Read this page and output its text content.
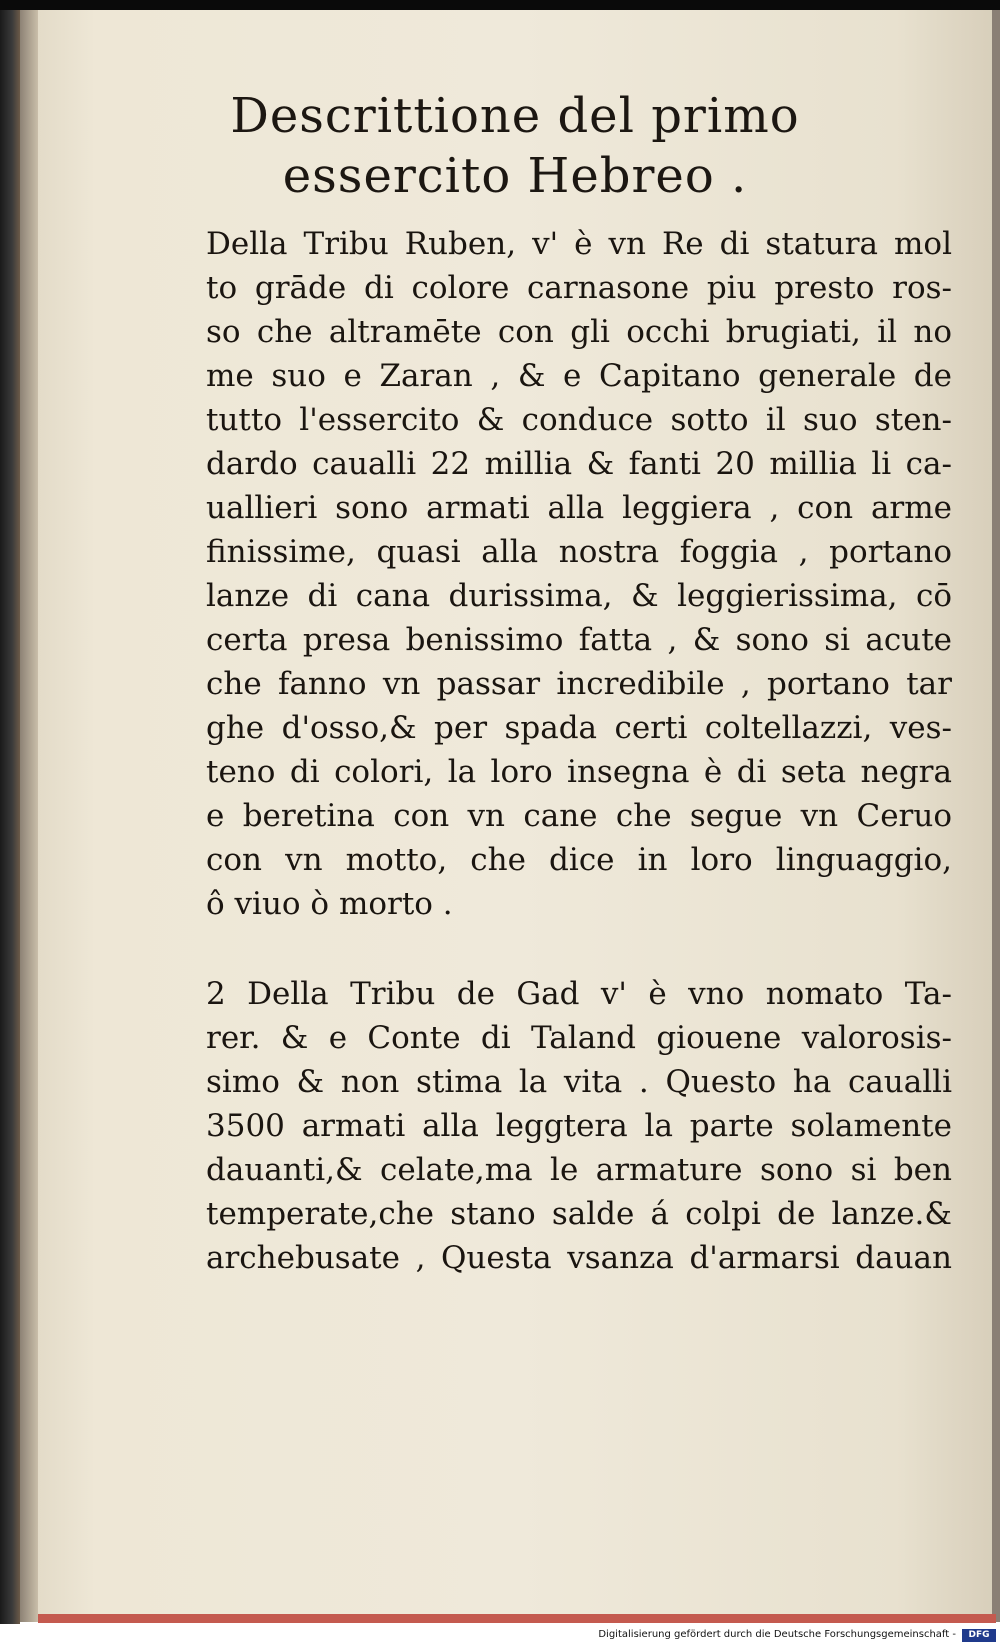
Descrittione del primo
essercito Hebreo .
Della Tribu Ruben, v' è vn Re di statura mol
to grāde di colore carnasone piu presto ros-
so che altramēte con gli occhi brugiati, il no
me suo e Zaran , & e Capitano generale de
tutto l'essercito & conduce sotto il suo sten-
dardo caualli 22 millia & fanti 20 millia li ca-
uallieri sono armati alla leggiera , con arme
finissime, quasi alla nostra foggia , portano
lanze di cana durissima, & leggierissima, cō
certa presa benissimo fatta , & sono si acute
che fanno vn passar incredibile , portano tar
ghe d'osso,& per spada certi coltellazzi, ves-
teno di colori, la loro insegna è di seta negra
e beretina con vn cane che segue vn Ceruo
con vn motto, che dice in loro linguaggio,
ô viuo ò morto .
2 Della Tribu de Gad v' è vno nomato Ta-
rer. & e Conte di Taland giouene valorosis-
simo & non stima la vita . Questo ha caualli
3500 armati alla leggtera la parte solamente
dauanti,& celate,ma le armature sono si ben
temperate,che stano salde á colpi de lanze.&
archebusate , Questa vsanza d'armarsi dauan
Digitalisierung gefördert durch die Deutsche Forschungsgemeinschaft -	DFG
